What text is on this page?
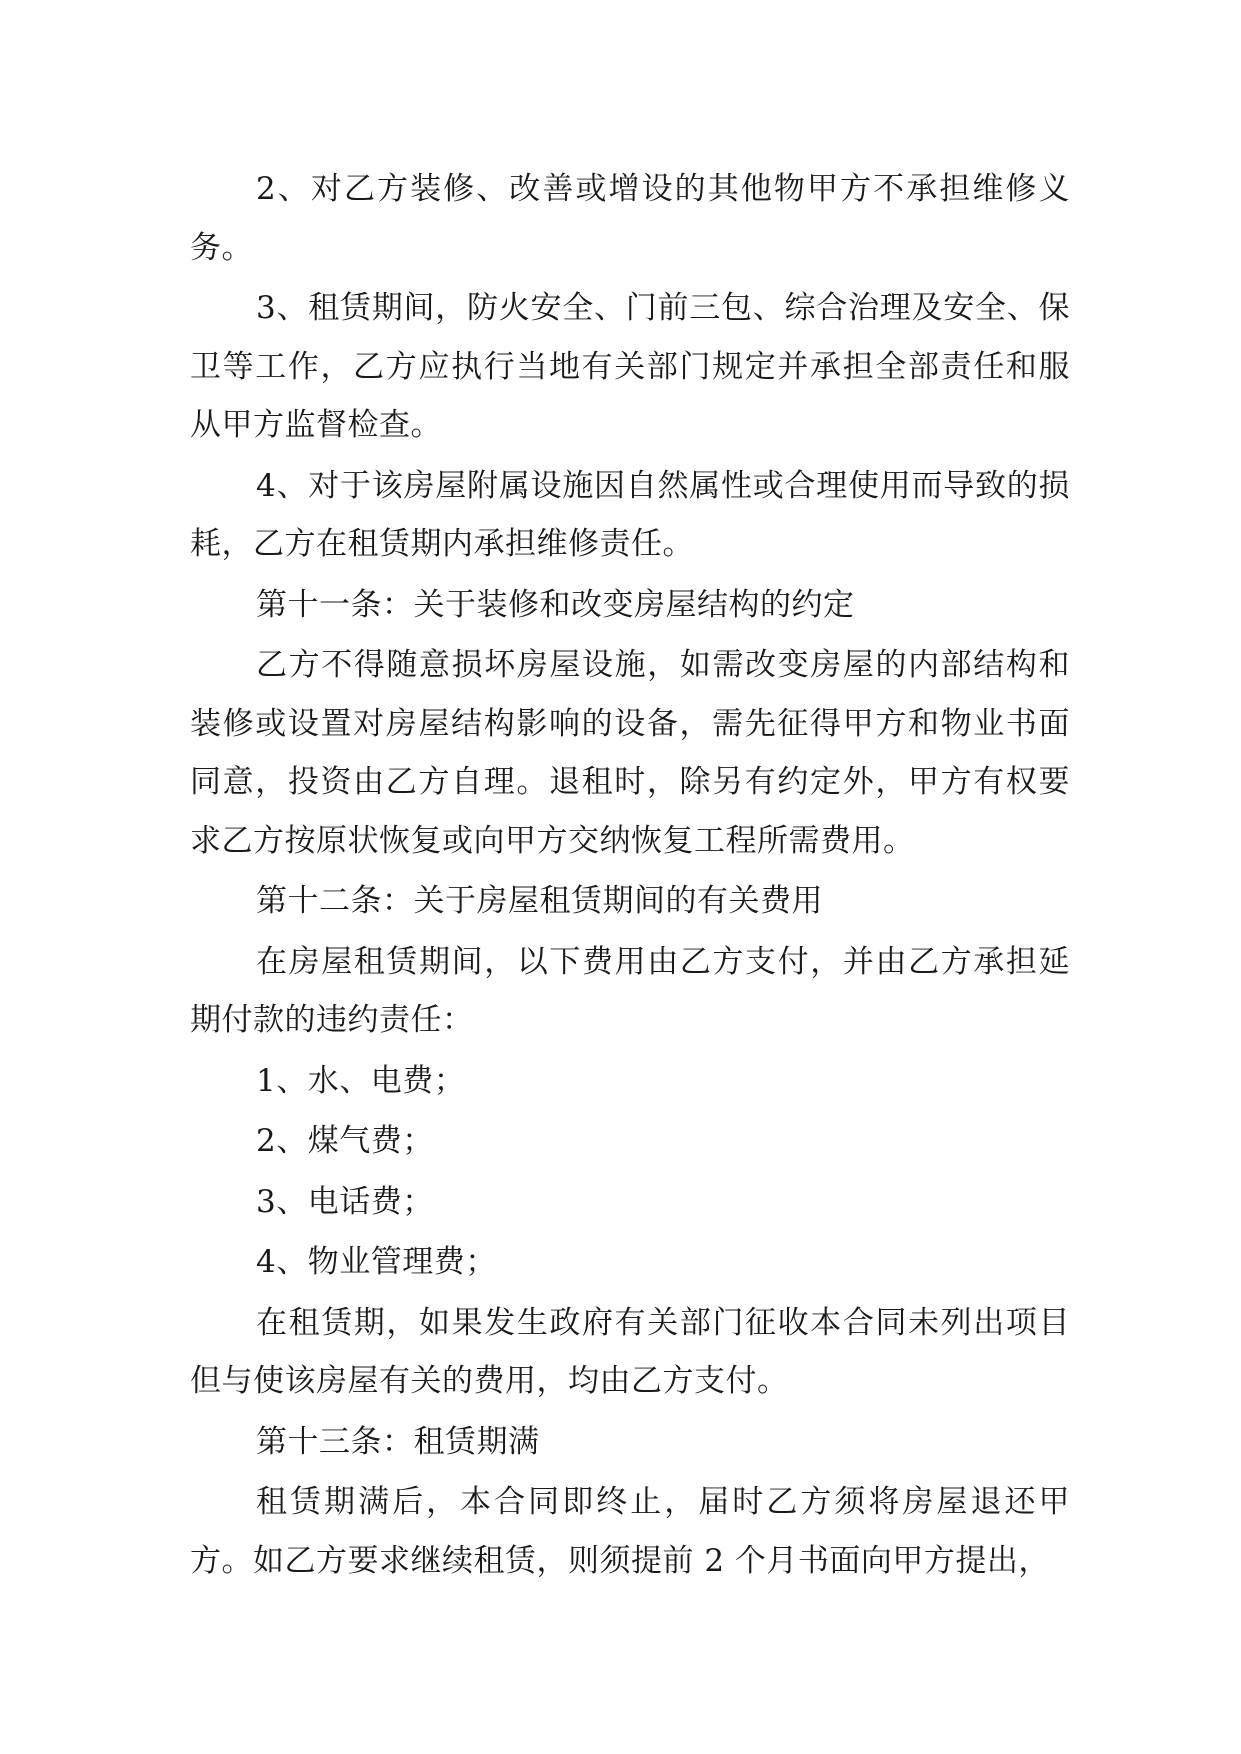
2、对乙方装修、改善或增设的其他物甲方不承担维修义务。

3、租赁期间，防火安全、门前三包、综合治理及安全、保卫等工作，乙方应执行当地有关部门规定并承担全部责任和服从甲方监督检查。

4、对于该房屋附属设施因自然属性或合理使用而导致的损耗，乙方在租赁期内承担维修责任。

第十一条：关于装修和改变房屋结构的约定

乙方不得随意损坏房屋设施，如需改变房屋的内部结构和装修或设置对房屋结构影响的设备，需先征得甲方和物业书面同意，投资由乙方自理。退租时，除另有约定外，甲方有权要求乙方按原状恢复或向甲方交纳恢复工程所需费用。

第十二条：关于房屋租赁期间的有关费用

在房屋租赁期间，以下费用由乙方支付，并由乙方承担延期付款的违约责任：

1、水、电费；

2、煤气费；

3、电话费；

4、物业管理费；

在租赁期，如果发生政府有关部门征收本合同未列出项目但与使该房屋有关的费用，均由乙方支付。

第十三条：租赁期满

租赁期满后，本合同即终止，届时乙方须将房屋退还甲方。如乙方要求继续租赁，则须提前 2 个月书面向甲方提出，
